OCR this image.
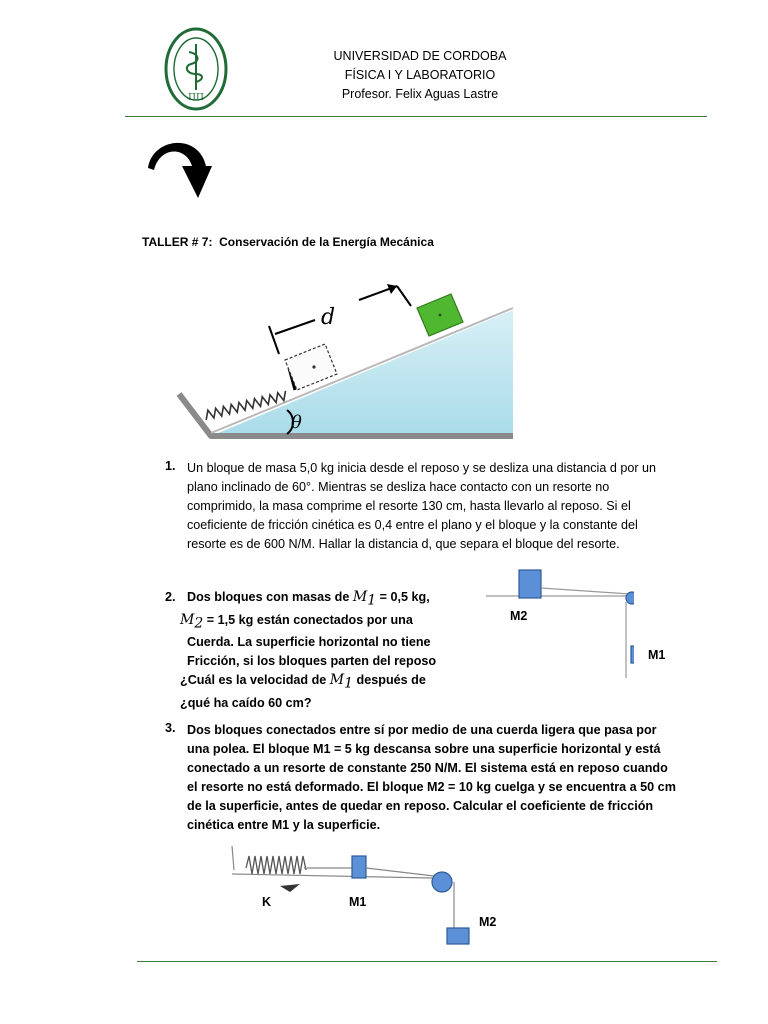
ΠΠ
UNIVERSIDAD DE CORDOBA
FÍSICA I Y LABORATORIO
Profesor. Felix Aguas Lastre
TALLER # 7:  Conservación de la Energía Mecánica
d
θ
1. Un bloque de masa 5,0 kg inicia desde el reposo y se desliza una distancia d por un
plano inclinado de 60°. Mientras se desliza hace contacto con un resorte no
comprimido, la masa comprime el resorte 130 cm, hasta llevarlo al reposo. Si el
coeficiente de fricción cinética es 0,4 entre el plano y el bloque y la constante del
resorte es de 600 N/M. Hallar la distancia d, que separa el bloque del resorte.
2. Dos bloques con masas de $M_1 = 0,5$ kg,
$M_2 = 1,5$ kg están conectados por una
Cuerda. La superficie horizontal no tiene
Fricción, si los bloques parten del reposo
¿Cuál es la velocidad de $M_1$ después de
¿qué ha caído 60 cm?
M2
M1
3. Dos bloques conectados entre sí por medio de una cuerda ligera que pasa por
una polea. El bloque M1 = 5 kg descansa sobre una superficie horizontal y está
conectado a un resorte de constante 250 N/M. El sistema está en reposo cuando
el resorte no está deformado. El bloque M2 = 10 kg cuelga y se encuentra a 50 cm
de la superficie, antes de quedar en reposo. Calcular el coeficiente de fricción
cinética entre M1 y la superficie.
K	M1
M2
